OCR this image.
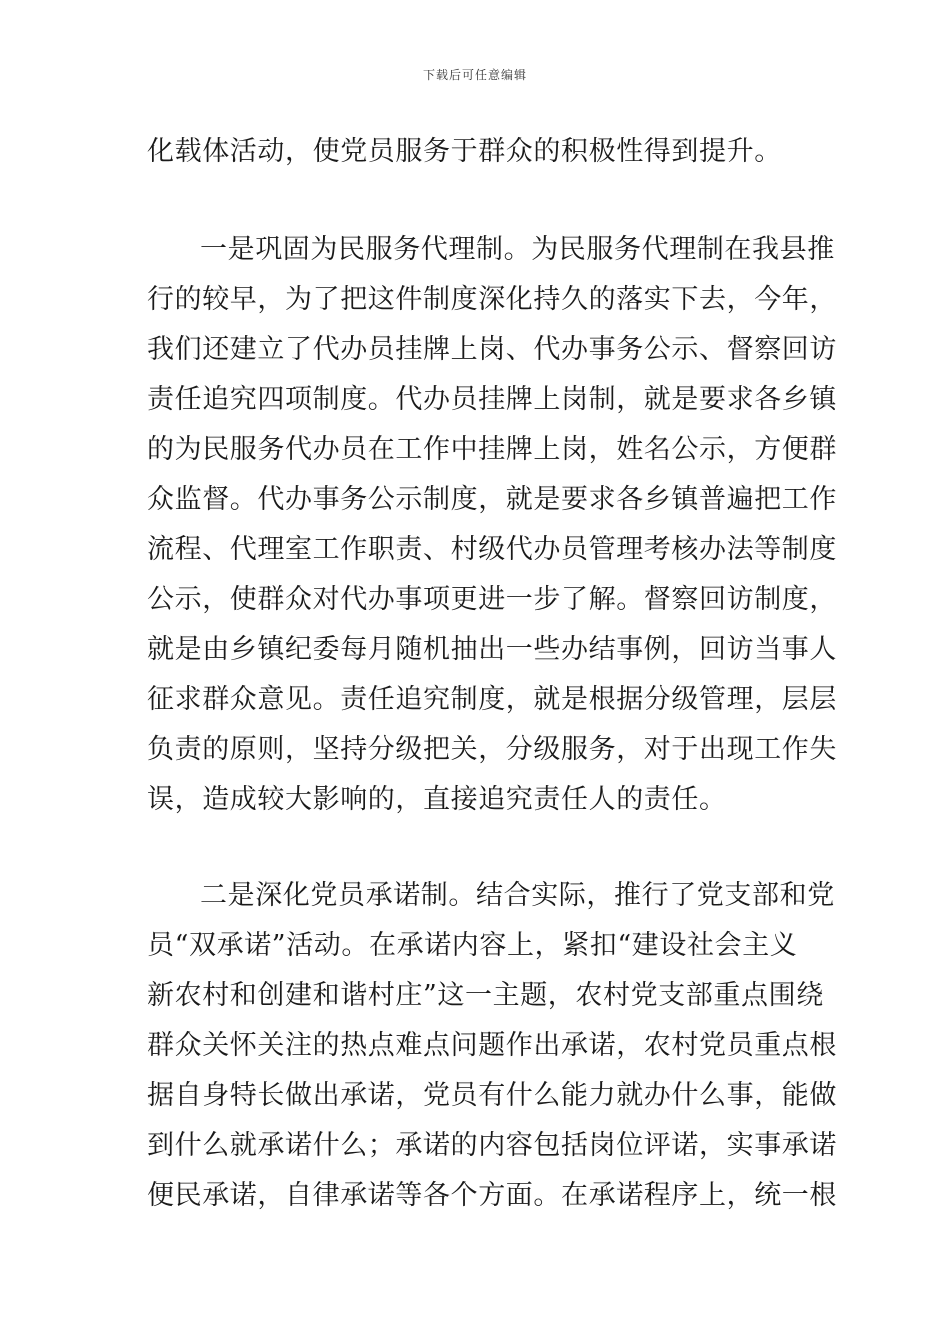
下载后可任意编辑
化载体活动，使党员服务于群众的积极性得到提升。
一是巩固为民服务代理制。为民服务代理制在我县推
行的较早，为了把这件制度深化持久的落实下去，今年，
我们还建立了代办员挂牌上岗、代办事务公示、督察回访
责任追究四项制度。代办员挂牌上岗制，就是要求各乡镇
的为民服务代办员在工作中挂牌上岗，姓名公示，方便群
众监督。代办事务公示制度，就是要求各乡镇普遍把工作
流程、代理室工作职责、村级代办员管理考核办法等制度
公示，使群众对代办事项更进一步了解。督察回访制度，
就是由乡镇纪委每月随机抽出一些办结事例，回访当事人
征求群众意见。责任追究制度，就是根据分级管理，层层
负责的原则，坚持分级把关，分级服务，对于出现工作失
误，造成较大影响的，直接追究责任人的责任。
二是深化党员承诺制。结合实际，推行了党支部和党
员“双承诺”活动。在承诺内容上，紧扣“建设社会主义
新农村和创建和谐村庄”这一主题，农村党支部重点围绕
群众关怀关注的热点难点问题作出承诺，农村党员重点根
据自身特长做出承诺，党员有什么能力就办什么事，能做
到什么就承诺什么；承诺的内容包括岗位评诺，实事承诺
便民承诺，自律承诺等各个方面。在承诺程序上，统一根
